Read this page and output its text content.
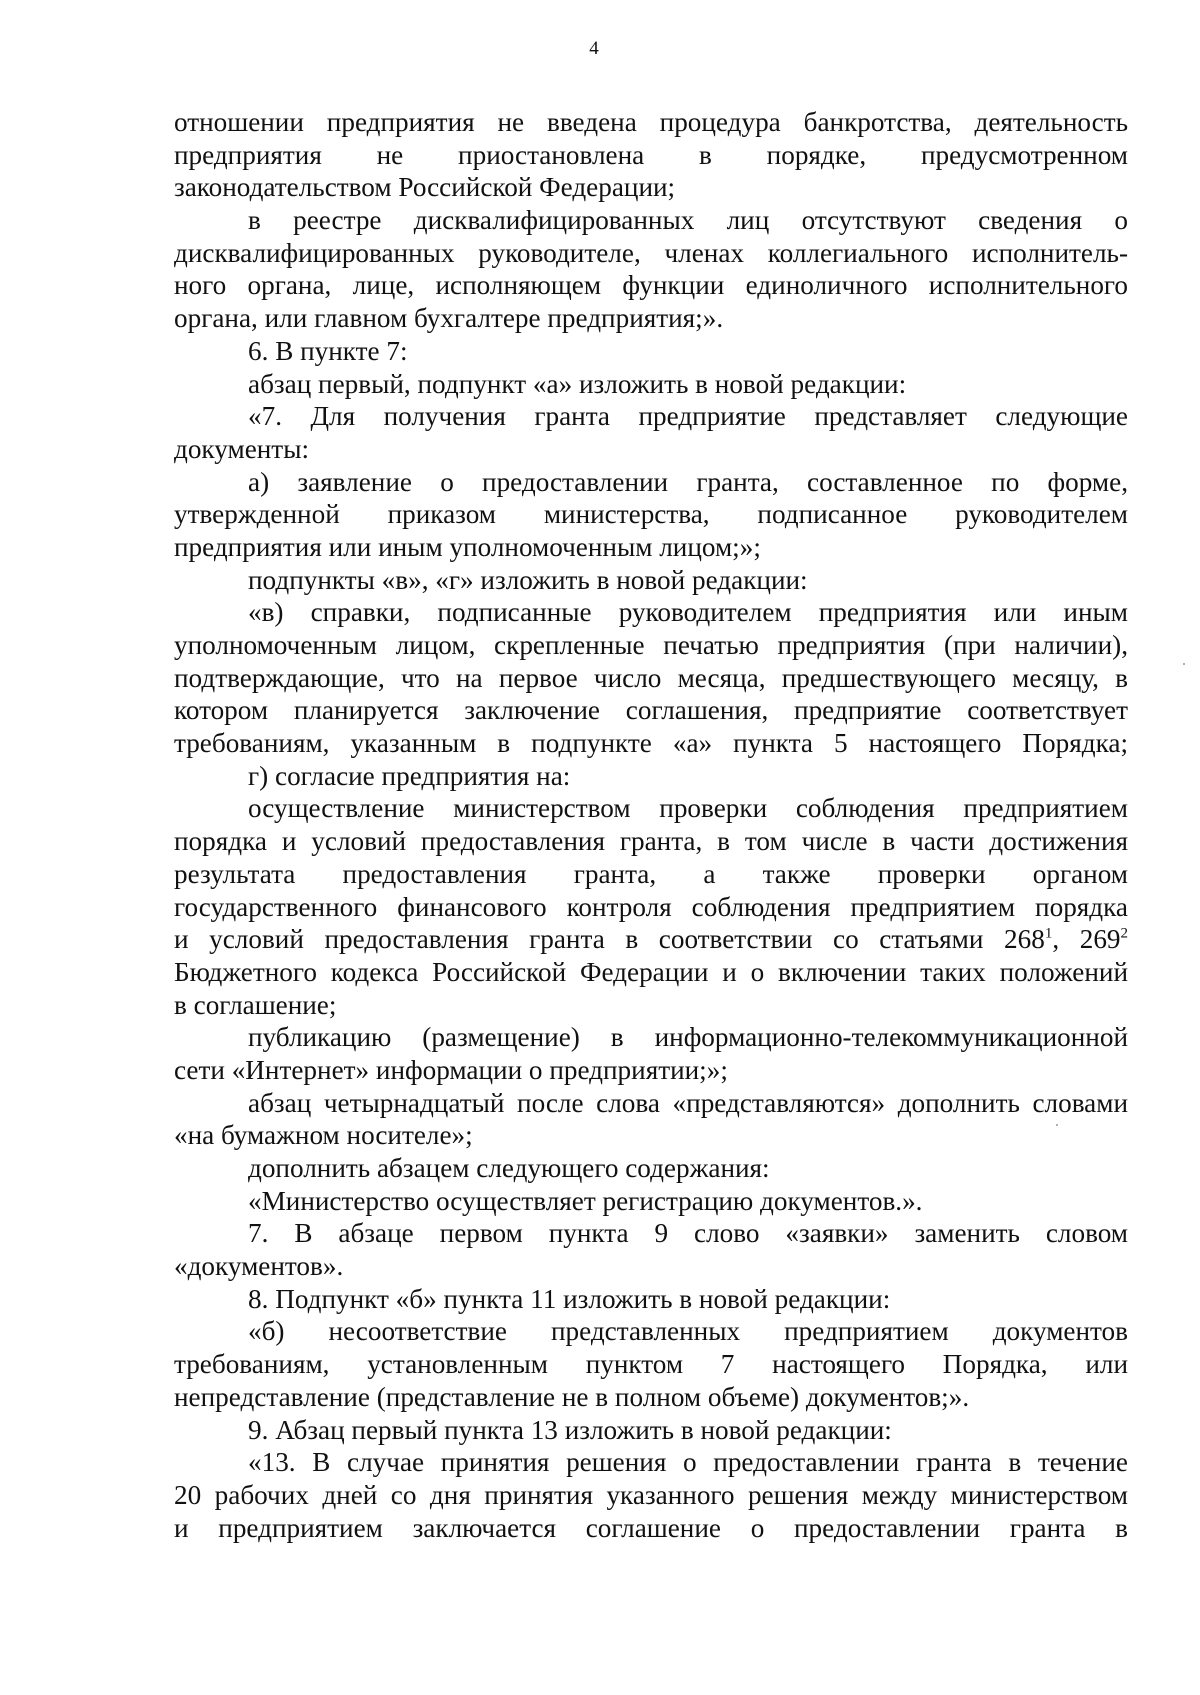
4
отношении предприятия не введена процедура банкротства, деятельность
предприятия не приостановлена в порядке, предусмотренном
законодательством Российской Федерации;
в реестре дисквалифицированных лиц отсутствуют сведения о
дисквалифицированных руководителе, членах коллегиального исполнитель-
ного органа, лице, исполняющем функции единоличного исполнительного
органа, или главном бухгалтере предприятия;».
6. В пункте 7:
абзац первый, подпункт «а» изложить в новой редакции:
«7. Для получения гранта предприятие представляет следующие
документы:
а) заявление о предоставлении гранта, составленное по форме,
утвержденной приказом министерства, подписанное руководителем
предприятия или иным уполномоченным лицом;»;
подпункты «в», «г» изложить в новой редакции:
«в) справки, подписанные руководителем предприятия или иным
уполномоченным лицом, скрепленные печатью предприятия (при наличии),
подтверждающие, что на первое число месяца, предшествующего месяцу, в
котором планируется заключение соглашения, предприятие соответствует
требованиям, указанным в подпункте «а» пункта 5 настоящего Порядка;
г) согласие предприятия на:
осуществление министерством проверки соблюдения предприятием
порядка и условий предоставления гранта, в том числе в части достижения
результата предоставления гранта, а также проверки органом
государственного финансового контроля соблюдения предприятием порядка
и условий предоставления гранта в соответствии со статьями $268^1$, $269^2$
Бюджетного кодекса Российской Федерации и о включении таких положений
в соглашение;
публикацию (размещение) в информационно-телекоммуникационной
сети «Интернет» информации о предприятии;»;
абзац четырнадцатый после слова «представляются» дополнить словами
«на бумажном носителе»;
дополнить абзацем следующего содержания:
«Министерство осуществляет регистрацию документов.».
7. В абзаце первом пункта 9 слово «заявки» заменить словом
«документов».
8. Подпункт «б» пункта 11 изложить в новой редакции:
«б) несоответствие представленных предприятием документов
требованиям, установленным пунктом 7 настоящего Порядка, или
непредставление (представление не в полном объеме) документов;».
9. Абзац первый пункта 13 изложить в новой редакции:
«13. В случае принятия решения о предоставлении гранта в течение
20 рабочих дней со дня принятия указанного решения между министерством
и предприятием заключается соглашение о предоставлении гранта в
